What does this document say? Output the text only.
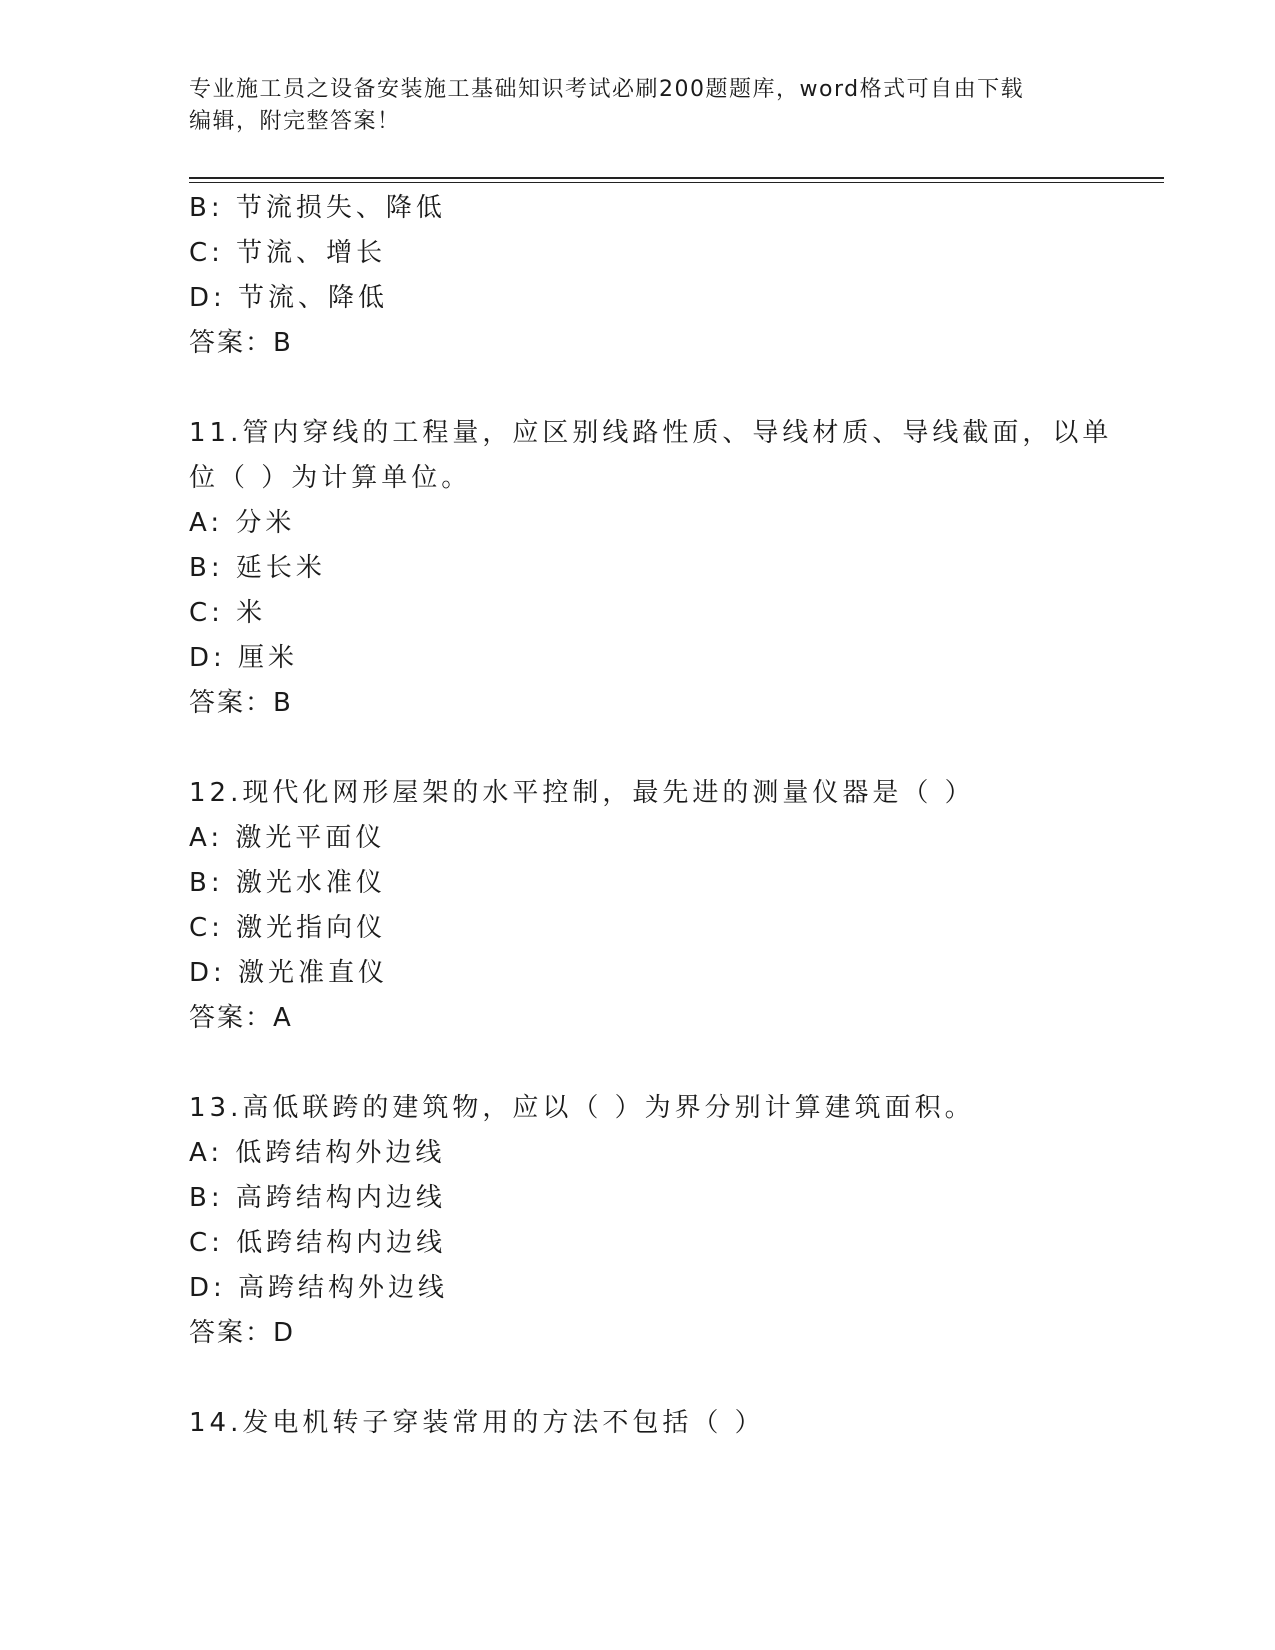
专业施工员之设备安装施工基础知识考试必刷200题题库，word格式可自由下载
编辑，附完整答案！
B: 节流损失、降低
C: 节流、增长
D: 节流、降低
答案：B
11.管内穿线的工程量，应区别线路性质、导线材质、导线截面，以单
位（ ）为计算单位。
A: 分米
B: 延长米
C: 米
D: 厘米
答案：B
12.现代化网形屋架的水平控制，最先进的测量仪器是（ ）
A: 激光平面仪
B: 激光水准仪
C: 激光指向仪
D: 激光准直仪
答案：A
13.高低联跨的建筑物，应以（ ）为界分别计算建筑面积。
A: 低跨结构外边线
B: 高跨结构内边线
C: 低跨结构内边线
D: 高跨结构外边线
答案：D
14.发电机转子穿装常用的方法不包括（ ）
